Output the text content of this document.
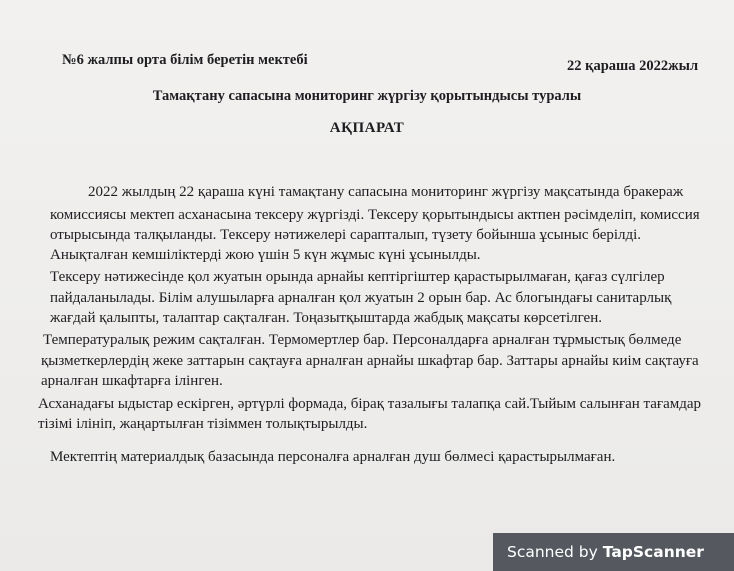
№6 жалпы орта білім беретін мектебі	22 қараша 2022жыл
Тамақтану сапасына мониторинг жүргізу қорытындысы туралы
АҚПАРАТ
2022 жылдың 22 қараша күні тамақтану сапасына мониторинг жүргізу мақсатында бракераж
комиссиясы мектеп асханасына тексеру жүргізді. Тексеру қорытындысы актпен рәсімделіп, комиссия
отырысында талқыланды. Тексеру нәтижелері сарапталып, түзету бойынша ұсыныс берілді.
Анықталған кемшіліктерді жою үшін 5 күн жұмыс күні ұсынылды.
Тексеру нәтижесінде қол жуатын орында арнайы кептіргіштер қарастырылмаған, қағаз сүлгілер
пайдаланылады. Білім алушыларға арналған қол жуатын 2 орын бар. Ас блогындағы санитарлық
жағдай қалыпты, талаптар сақталған. Тоңазытқыштарда жабдық мақсаты көрсетілген.
Температуралық режим сақталған. Термомертлер бар. Персоналдарға арналған тұрмыстық бөлмеде
қызметкерлердің жеке заттарын сақтауға арналған арнайы шкафтар бар. Заттары арнайы киім сақтауға
арналған шкафтарға ілінген.
Асханадағы ыдыстар ескірген, әртүрлі формада, бірақ тазалығы талапқа сай.Тыйым салынған тағамдар
тізімі ілініп, жаңартылған тізіммен толықтырылды.
Мектептің материалдық базасында персоналға арналған душ бөлмесі қарастырылмаған.
Scanned by TapScanner
